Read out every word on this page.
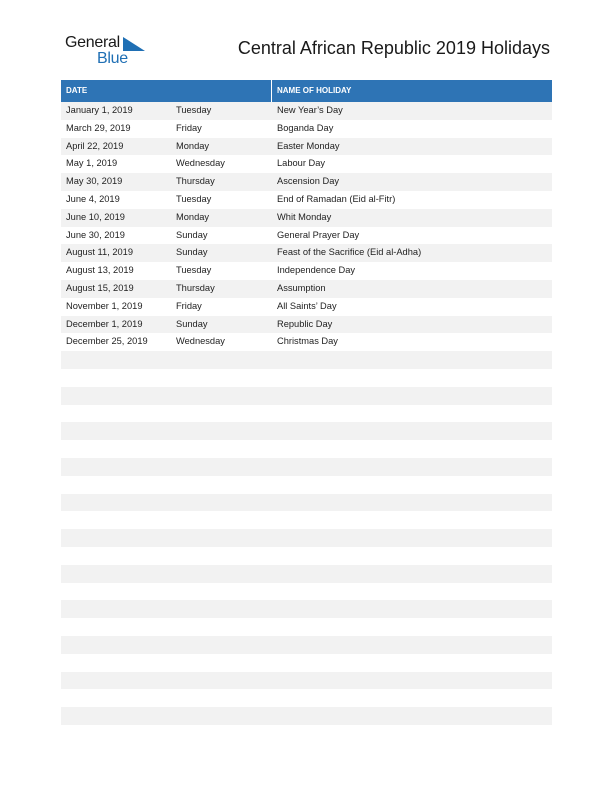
General
Blue
Central African Republic 2019 Holidays
DATE	NAME OF HOLIDAY
January 1, 2019	Tuesday	New Year’s Day
March 29, 2019	Friday	Boganda Day
April 22, 2019	Monday	Easter Monday
May 1, 2019	Wednesday	Labour Day
May 30, 2019	Thursday	Ascension Day
June 4, 2019	Tuesday	End of Ramadan (Eid al-Fitr)
June 10, 2019	Monday	Whit Monday
June 30, 2019	Sunday	General Prayer Day
August 11, 2019	Sunday	Feast of the Sacrifice (Eid al-Adha)
August 13, 2019	Tuesday	Independence Day
August 15, 2019	Thursday	Assumption
November 1, 2019	Friday	All Saints’ Day
December 1, 2019	Sunday	Republic Day
December 25, 2019	Wednesday	Christmas Day
